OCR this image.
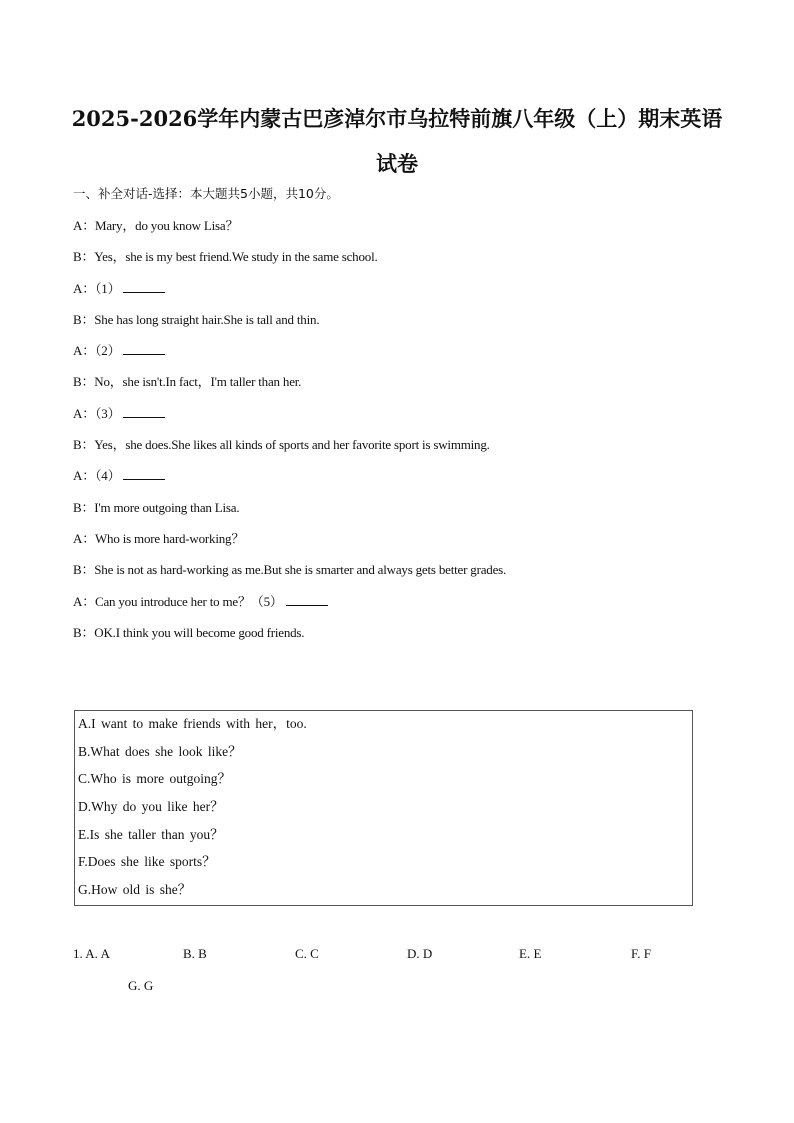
2025-2026学年内蒙古巴彦淖尔市乌拉特前旗八年级（上）期末英语试卷
一、补全对话-选择：本大题共5小题，共10分。
A：Mary，do you know Lisa？
B：Yes，she is my best friend.We study in the same school.
A：（1）
B：She has long straight hair.She is tall and thin.
A：（2）
B：No，she isn't.In fact，I'm taller than her.
A：（3）
B：Yes，she does.She likes all kinds of sports and her favorite sport is swimming.
A：（4）
B：I'm more outgoing than Lisa.
A：Who is more hard-working？
B：She is not as hard-working as me.But she is smarter and always gets better grades.
A：Can you introduce her to me？（5）
B：OK.I think you will become good friends.
A.I want to make friends with her，too.
B.What does she look like？
C.Who is more outgoing？
D.Why do you like her？
E.Is she taller than you？
F.Does she like sports？
G.How old is she？
1. A. A	B. B	C. C	D. D	E. E	F. F
G. G
